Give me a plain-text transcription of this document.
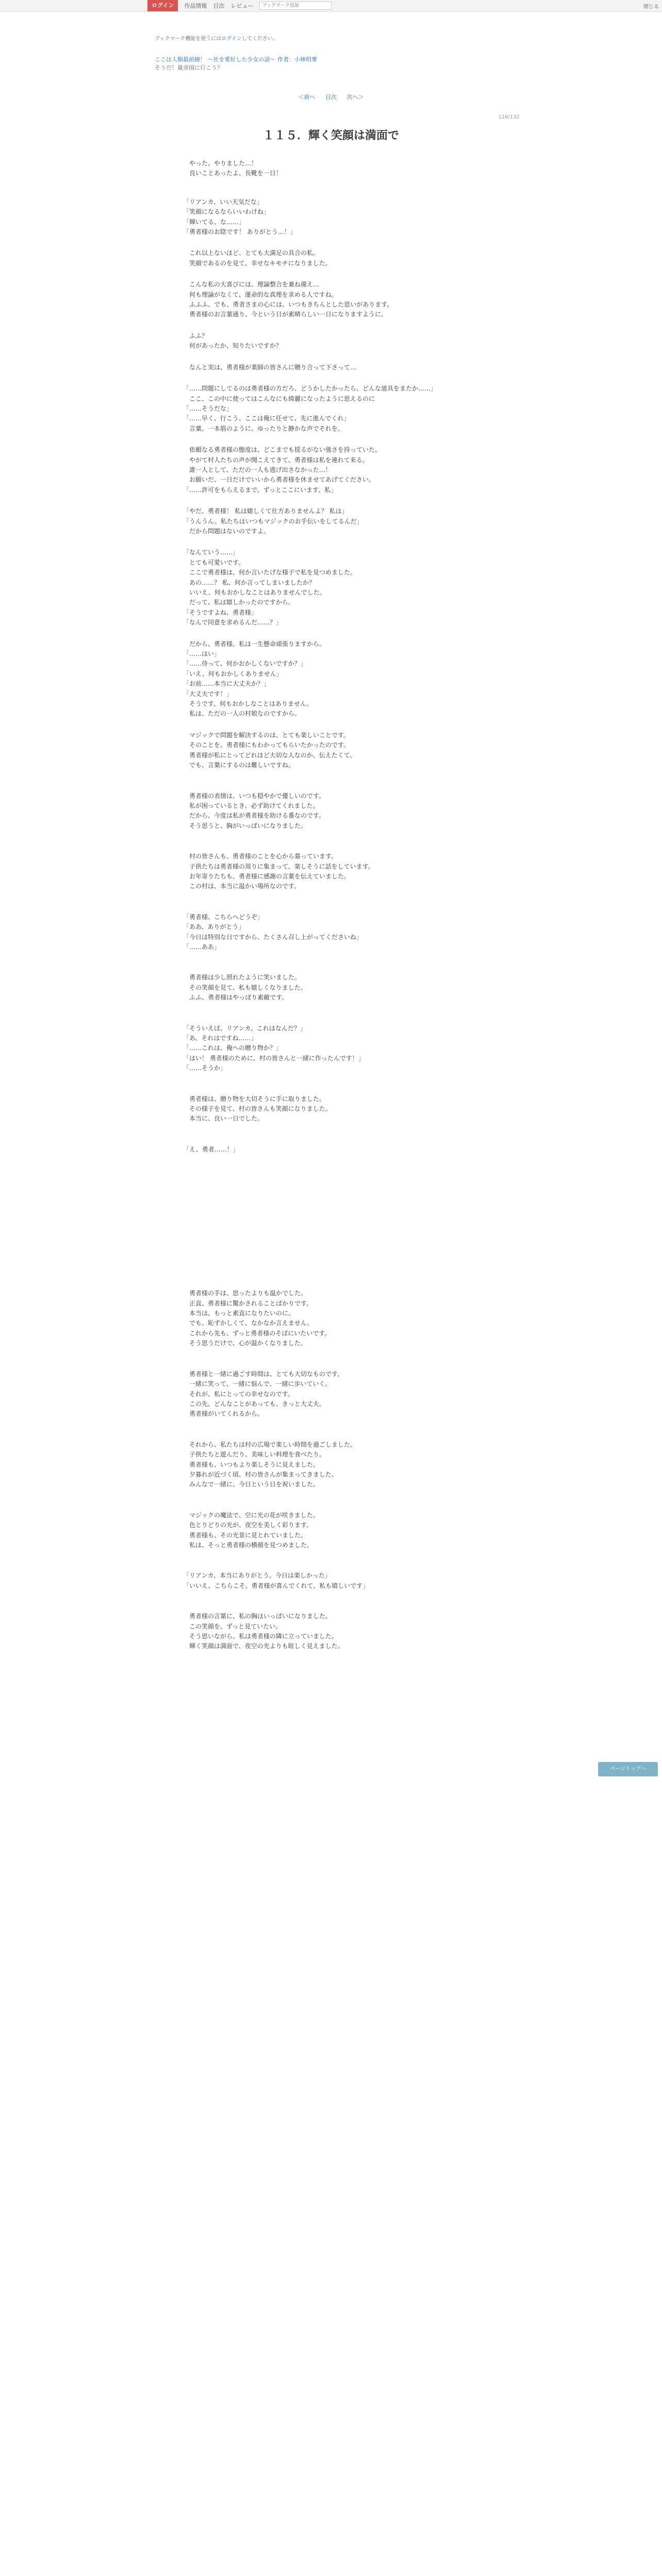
ログイン	作品情報 目次 レビュー
ブックマーク追加	閉じる
ブックマーク機能を使うにはログインしてください。
ここは人類最前線！ 〜社を愛好した少女の話〜 作者：小林明華
そうだ！嵐帝国に行こう？
＜前へ 目次 次へ＞
116/132
１１５．輝く笑顔は満面で

　やった、やりました…！
　良いことあったよ、長靴を一日！

「リアンカ、いい天気だな」
「笑顔になるならいいわけね」
「輝いてる、な……」
「勇者様のお陰です！ ありがとう…！」

　これ以上ないほど、とても大満足の具合の私。
　笑顔であるのを見て、幸せなキモチになりました。

　こんな私の大喜びには、理論整合を兼ね備え…
　何も理論がなくて、運命的な真理を求める人ですね。
　ふふふ、でも、勇者さまの心には、いつもきちんとした思いがあります。
　勇者様のお言葉通り、今という日が素晴らしい一日になりますように。

　ふふ？
　何があったか、知りたいですか？

　なんと実は、勇者様が業師の皆さんに贈り合って下さって…

「……問題にしてるのは勇者様の方だろ、どうかしたかったら、どんな道具をまたか……」
　ここ、この中に使ってはこんなにも綺麗になったように思えるのに
「……そうだな」
「……早く、行こう。ここは俺に任せて、先に進んでくれ」
　言葉、一本筋のように、ゆったりと静かな声でそれを。

　依頼なる勇者様の態度は、どこまでも揺るがない強さを持っていた。
　やがて村人たちの声が聞こえてきて、勇者様は私を連れて来る。
　誰一人として、ただの一人も逃げ出さなかった…！
　お願いだ、一日だけでいいから勇者様を休ませてあげてください。
「……許可をもらえるまで、ずっとここにいます、私」

「やだ、勇者様！ 私は嬉しくて仕方ありませんよ？ 私は」
「うんうん。私たちはいつもマジックのお手伝いをしてるんだ」
　だから問題はないのですよ。

「なんていう……」
　とても可愛いです。
　ここで勇者様は、何か言いたげな様子で私を見つめました。
　あの……？ 私、何か言ってしまいましたか？
　いいえ、何もおかしなことはありませんでした。
　だって、私は嬉しかったのですから。
「そうですよね、勇者様」
「なんで同意を求めるんだ……？」

　だから、勇者様。私は一生懸命頑張りますから。
「……はい」
「……待って、何かおかしくないですか？」
「いえ、何もおかしくありません」
「お前……本当に大丈夫か？」
「大丈夫です！」
　そうです、何もおかしなことはありません。
　私は、ただの一人の村娘なのですから。

　マジックで問題を解決するのは、とても楽しいことです。
　そのことを、勇者様にもわかってもらいたかったのです。
　勇者様が私にとってどれほど大切な人なのか、伝えたくて。
　でも、言葉にするのは難しいですね。

　勇者様の表情は、いつも穏やかで優しいのです。
　私が困っているとき、必ず助けてくれました。
　だから、今度は私が勇者様を助ける番なのです。
　そう思うと、胸がいっぱいになりました。

　村の皆さんも、勇者様のことを心から慕っています。
　子供たちは勇者様の周りに集まって、楽しそうに話をしています。
　お年寄りたちも、勇者様に感謝の言葉を伝えていました。
　この村は、本当に温かい場所なのです。

「勇者様、こちらへどうぞ」
「ああ、ありがとう」
「今日は特別な日ですから、たくさん召し上がってくださいね」
「……ああ」

　勇者様は少し照れたように笑いました。
　その笑顔を見て、私も嬉しくなりました。
　ふふ、勇者様はやっぱり素敵です。

「そういえば、リアンカ。これはなんだ？」
「あ、それはですね……」
「……これは、俺への贈り物か？」
「はい！ 勇者様のために、村の皆さんと一緒に作ったんです！」
「……そうか」

　勇者様は、贈り物を大切そうに手に取りました。
　その様子を見て、村の皆さんも笑顔になりました。
　本当に、良い一日でした。

「え、勇者……！」

　勇者様の手は、思ったよりも温かでした。
　正直、勇者様に驚かされることばかりです。
　本当は、もっと素直になりたいのに。
　でも、恥ずかしくて、なかなか言えません。
　これから先も、ずっと勇者様のそばにいたいです。
　そう思うだけで、心が温かくなりました。

　勇者様と一緒に過ごす時間は、とても大切なものです。
　一緒に笑って、一緒に悩んで、一緒に歩いていく。
　それが、私にとっての幸せなのです。
　この先、どんなことがあっても、きっと大丈夫。
　勇者様がいてくれるから。

　それから、私たちは村の広場で楽しい時間を過ごしました。
　子供たちと遊んだり、美味しい料理を食べたり。
　勇者様も、いつもより楽しそうに見えました。
　夕暮れが近づく頃、村の皆さんが集まってきました。
　みんなで一緒に、今日という日を祝いました。

　マジックの魔法で、空に光の花が咲きました。
　色とりどりの光が、夜空を美しく彩ります。
　勇者様も、その光景に見とれていました。
　私は、そっと勇者様の横顔を見つめました。

「リアンカ、本当にありがとう。今日は楽しかった」
「いいえ、こちらこそ。勇者様が喜んでくれて、私も嬉しいです」

　勇者様の言葉に、私の胸はいっぱいになりました。
　この笑顔を、ずっと見ていたい。
　そう思いながら、私は勇者様の隣に立っていました。
　輝く笑顔は満面で、夜空の光よりも眩しく見えました。

ページトップへ
